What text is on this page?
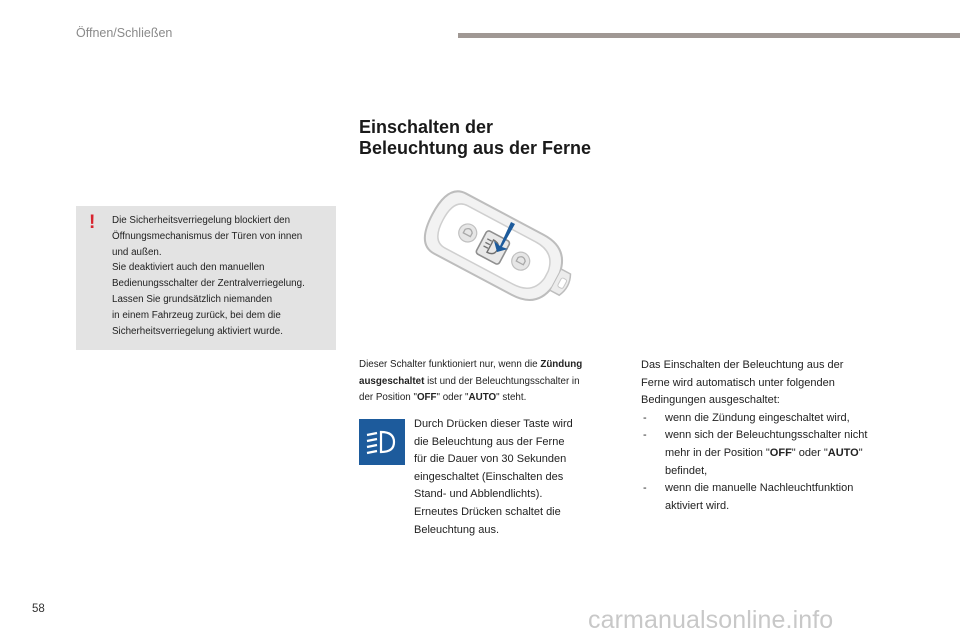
Öffnen/Schließen
Einschalten der
Beleuchtung aus der Ferne
! Die Sicherheitsverriegelung blockiert den
Öffnungsmechanismus der Türen von innen
und außen.
Sie deaktiviert auch den manuellen
Bedienungsschalter der Zentralverriegelung.
Lassen Sie grundsätzlich niemanden
in einem Fahrzeug zurück, bei dem die
Sicherheitsverriegelung aktiviert wurde.
Dieser Schalter funktioniert nur, wenn die Zündung
ausgeschaltet ist und der Beleuchtungsschalter in
der Position "OFF" oder "AUTO" steht.
Durch Drücken dieser Taste wird
die Beleuchtung aus der Ferne
für die Dauer von 30 Sekunden
eingeschaltet (Einschalten des
Stand- und Abblendlichts).
Erneutes Drücken schaltet die
Beleuchtung aus.
Das Einschalten der Beleuchtung aus der
Ferne wird automatisch unter folgenden
Bedingungen ausgeschaltet:
- wenn die Zündung eingeschaltet wird,
- wenn sich der Beleuchtungsschalter nicht
mehr in der Position "OFF" oder "AUTO"
befindet,
- wenn die manuelle Nachleuchtfunktion
aktiviert wird.
58	carmanualsonline.info
